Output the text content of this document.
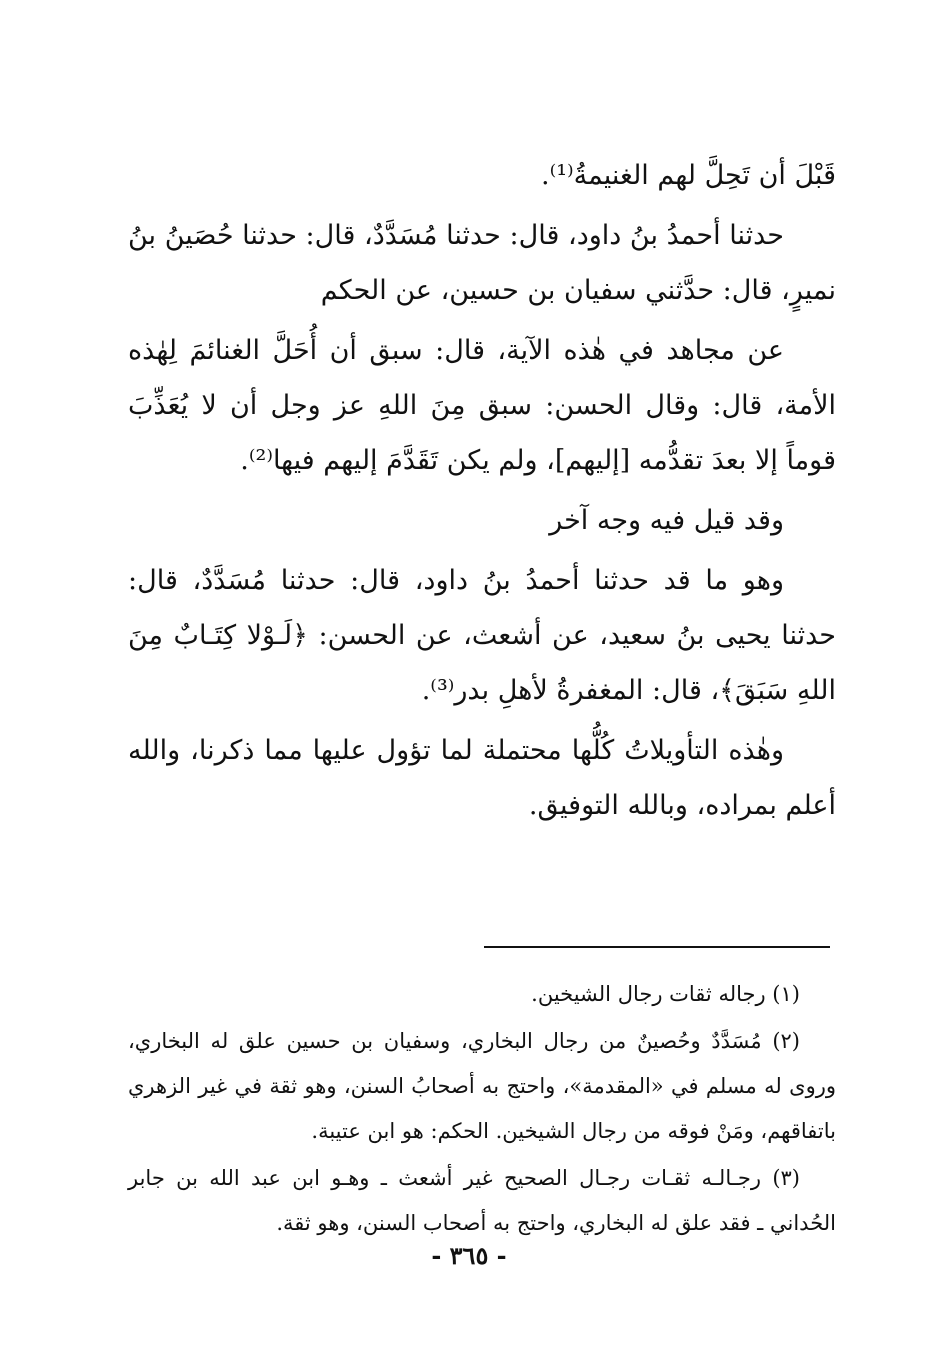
قَبْلَ أن تَحِلَّ لهم الغنيمةُ⁽¹⁾.

حدثنا أحمدُ بنُ داود، قال: حدثنا مُسَدَّدٌ، قال: حدثنا حُصَينُ بنُ نميرٍ، قال: حدَّثني سفيان بن حسين، عن الحكم

عن مجاهد في هٰذه الآية، قال: سبق أن أُحَلَّ الغنائمَ لِهٰذه الأمة، قال: وقال الحسن: سبق مِنَ اللهِ عز وجل أن لا يُعَذِّبَ قوماً إلا بعدَ تقدُّمه [إليهم]، ولم يكن تَقَدَّمَ إليهم فيها⁽²⁾.

وقد قيل فيه وجه آخر

وهو ما قد حدثنا أحمدُ بنُ داود، قال: حدثنا مُسَدَّدٌ، قال: حدثنا يحيى بنُ سعيد، عن أشعث، عن الحسن: ﴿لَـوْلا كِتَـابٌ مِنَ اللهِ سَبَقَ﴾، قال: المغفرةُ لأهلِ بدر⁽³⁾.

وهٰذه التأويلاتُ كُلُّها محتملة لما تؤول عليها مما ذكرنا، والله أعلم بمراده، وبالله التوفيق.

(١) رجاله ثقات رجال الشيخين.

(٢) مُسَدَّدٌ وحُصينٌ من رجال البخاري، وسفيان بن حسين علق له البخاري، وروى له مسلم في «المقدمة»، واحتج به أصحابُ السنن، وهو ثقة في غير الزهري باتفاقهم، ومَنْ فوقه من رجال الشيخين. الحكم: هو ابن عتيبة.

(٣) رجـالـه ثقـات رجـال الصحيح غير أشعث ـ وهـو ابن عبد الله بن جابر الحُداني ـ فقد علق له البخاري، واحتج به أصحاب السنن، وهو ثقة.

- ٣٦٥ -
